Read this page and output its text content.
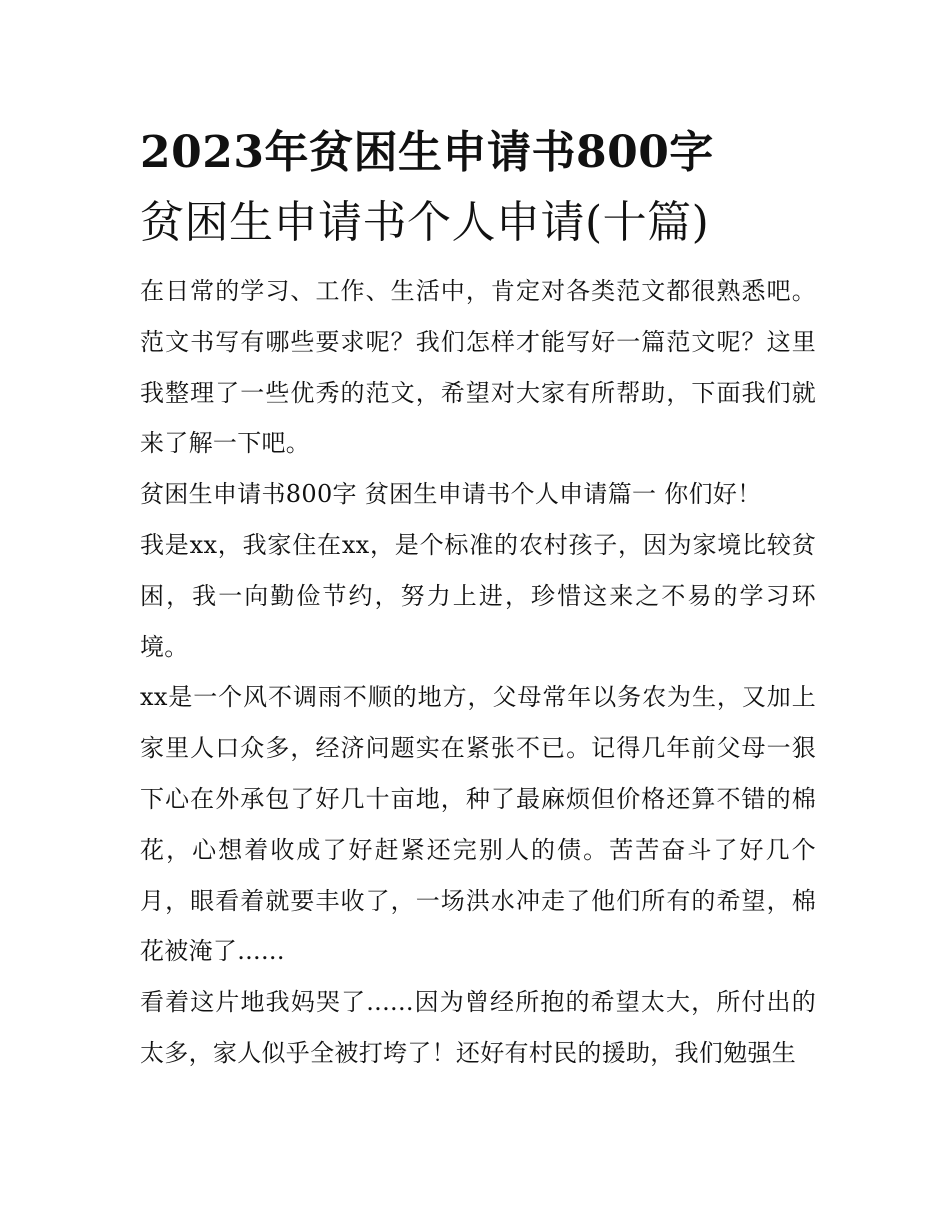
2023年贫困生申请书800字
贫困生申请书个人申请(十篇)

在日常的学习、工作、生活中，肯定对各类范文都很熟悉吧。范文书写有哪些要求呢？我们怎样才能写好一篇范文呢？这里我整理了一些优秀的范文，希望对大家有所帮助，下面我们就来了解一下吧。

贫困生申请书800字 贫困生申请书个人申请篇一 你们好！

我是xx，我家住在xx，是个标准的农村孩子，因为家境比较贫困，我一向勤俭节约，努力上进，珍惜这来之不易的学习环境。

xx是一个风不调雨不顺的地方，父母常年以务农为生，又加上家里人口众多，经济问题实在紧张不已。记得几年前父母一狠下心在外承包了好几十亩地，种了最麻烦但价格还算不错的棉花，心想着收成了好赶紧还完别人的债。苦苦奋斗了好几个月，眼看着就要丰收了，一场洪水冲走了他们所有的希望，棉花被淹了......

看着这片地我妈哭了......因为曾经所抱的希望太大，所付出的太多，家人似乎全被打垮了！还好有村民的援助，我们勉强生
